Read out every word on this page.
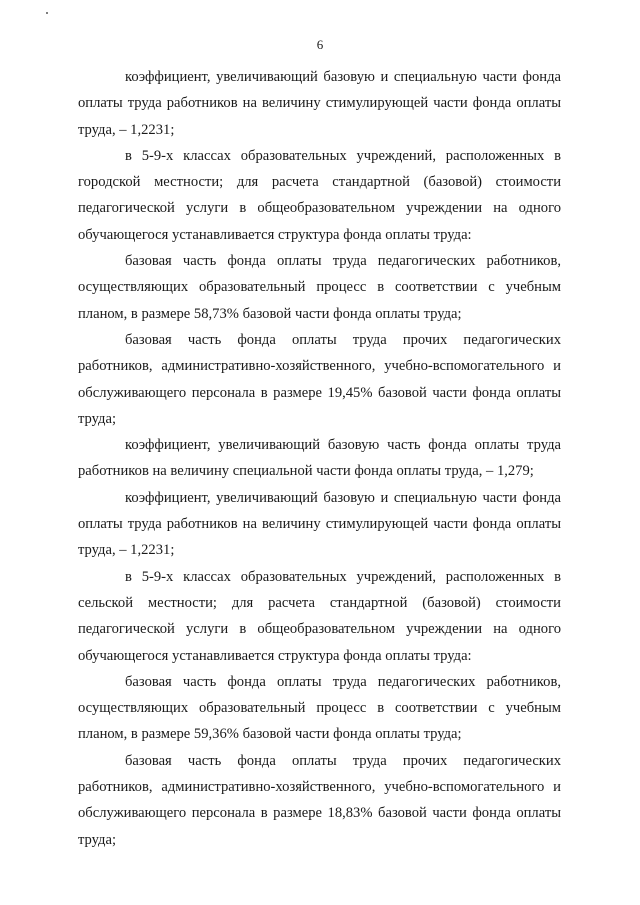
6

коэффициент, увеличивающий базовую и специальную части фонда оплаты труда работников на величину стимулирующей части фонда оплаты труда, – 1,2231;

в 5-9-х классах образовательных учреждений, расположенных в городской местности; для расчета стандартной (базовой) стоимости педагогической услуги в общеобразовательном учреждении на одного обучающегося устанавливается структура фонда оплаты труда:

базовая часть фонда оплаты труда педагогических работников, осуществляющих образовательный процесс в соответствии с учебным планом, в размере 58,73% базовой части фонда оплаты труда;

базовая часть фонда оплаты труда прочих педагогических работников, административно-хозяйственного, учебно-вспомогательного и обслуживающего персонала в размере 19,45% базовой части фонда оплаты труда;

коэффициент, увеличивающий базовую часть фонда оплаты труда работников на величину специальной части фонда оплаты труда, – 1,279;

коэффициент, увеличивающий базовую и специальную части фонда оплаты труда работников на величину стимулирующей части фонда оплаты труда, – 1,2231;

в 5-9-х классах образовательных учреждений, расположенных в сельской местности; для расчета стандартной (базовой) стоимости педагогической услуги в общеобразовательном учреждении на одного обучающегося устанавливается структура фонда оплаты труда:

базовая часть фонда оплаты труда педагогических работников, осуществляющих образовательный процесс в соответствии с учебным планом, в размере 59,36% базовой части фонда оплаты труда;

базовая часть фонда оплаты труда прочих педагогических работников, административно-хозяйственного, учебно-вспомогательного и обслуживающего персонала в размере 18,83% базовой части фонда оплаты труда;
